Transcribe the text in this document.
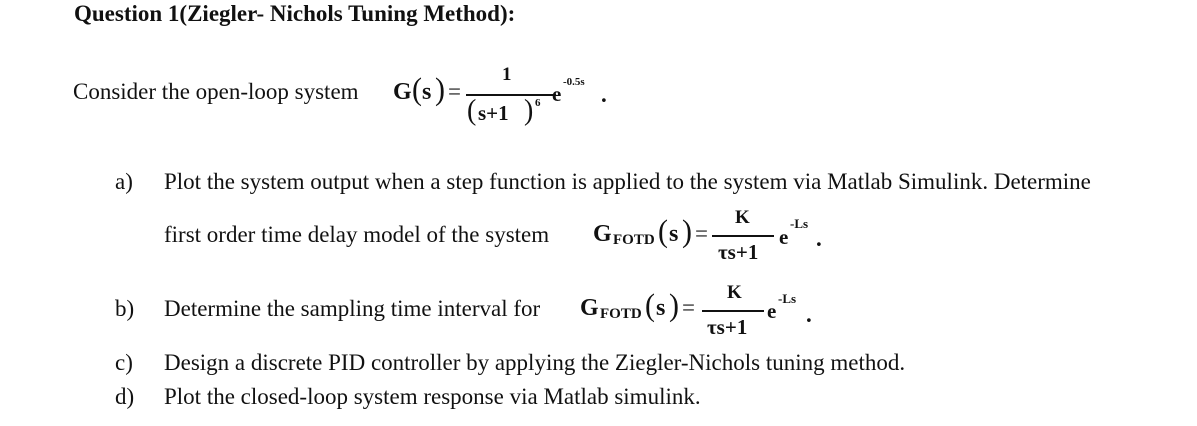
Question 1(Ziegler- Nichols Tuning Method):
Consider the open-loop system G ( s ) =
1
( s+1 ) 6 e -0.5s .
a) Plot the system output when a step function is applied to the system via Matlab Simulink. Determine
first order time delay model of the system G FOTD ( s ) =
K
τs+1
e
-Ls
.
b) Determine the sampling time interval for G FOTD ( s ) =
K
τs+1
e
-Ls
.
c) Design a discrete PID controller by applying the Ziegler-Nichols tuning method.
d) Plot the closed-loop system response via Matlab simulink.
